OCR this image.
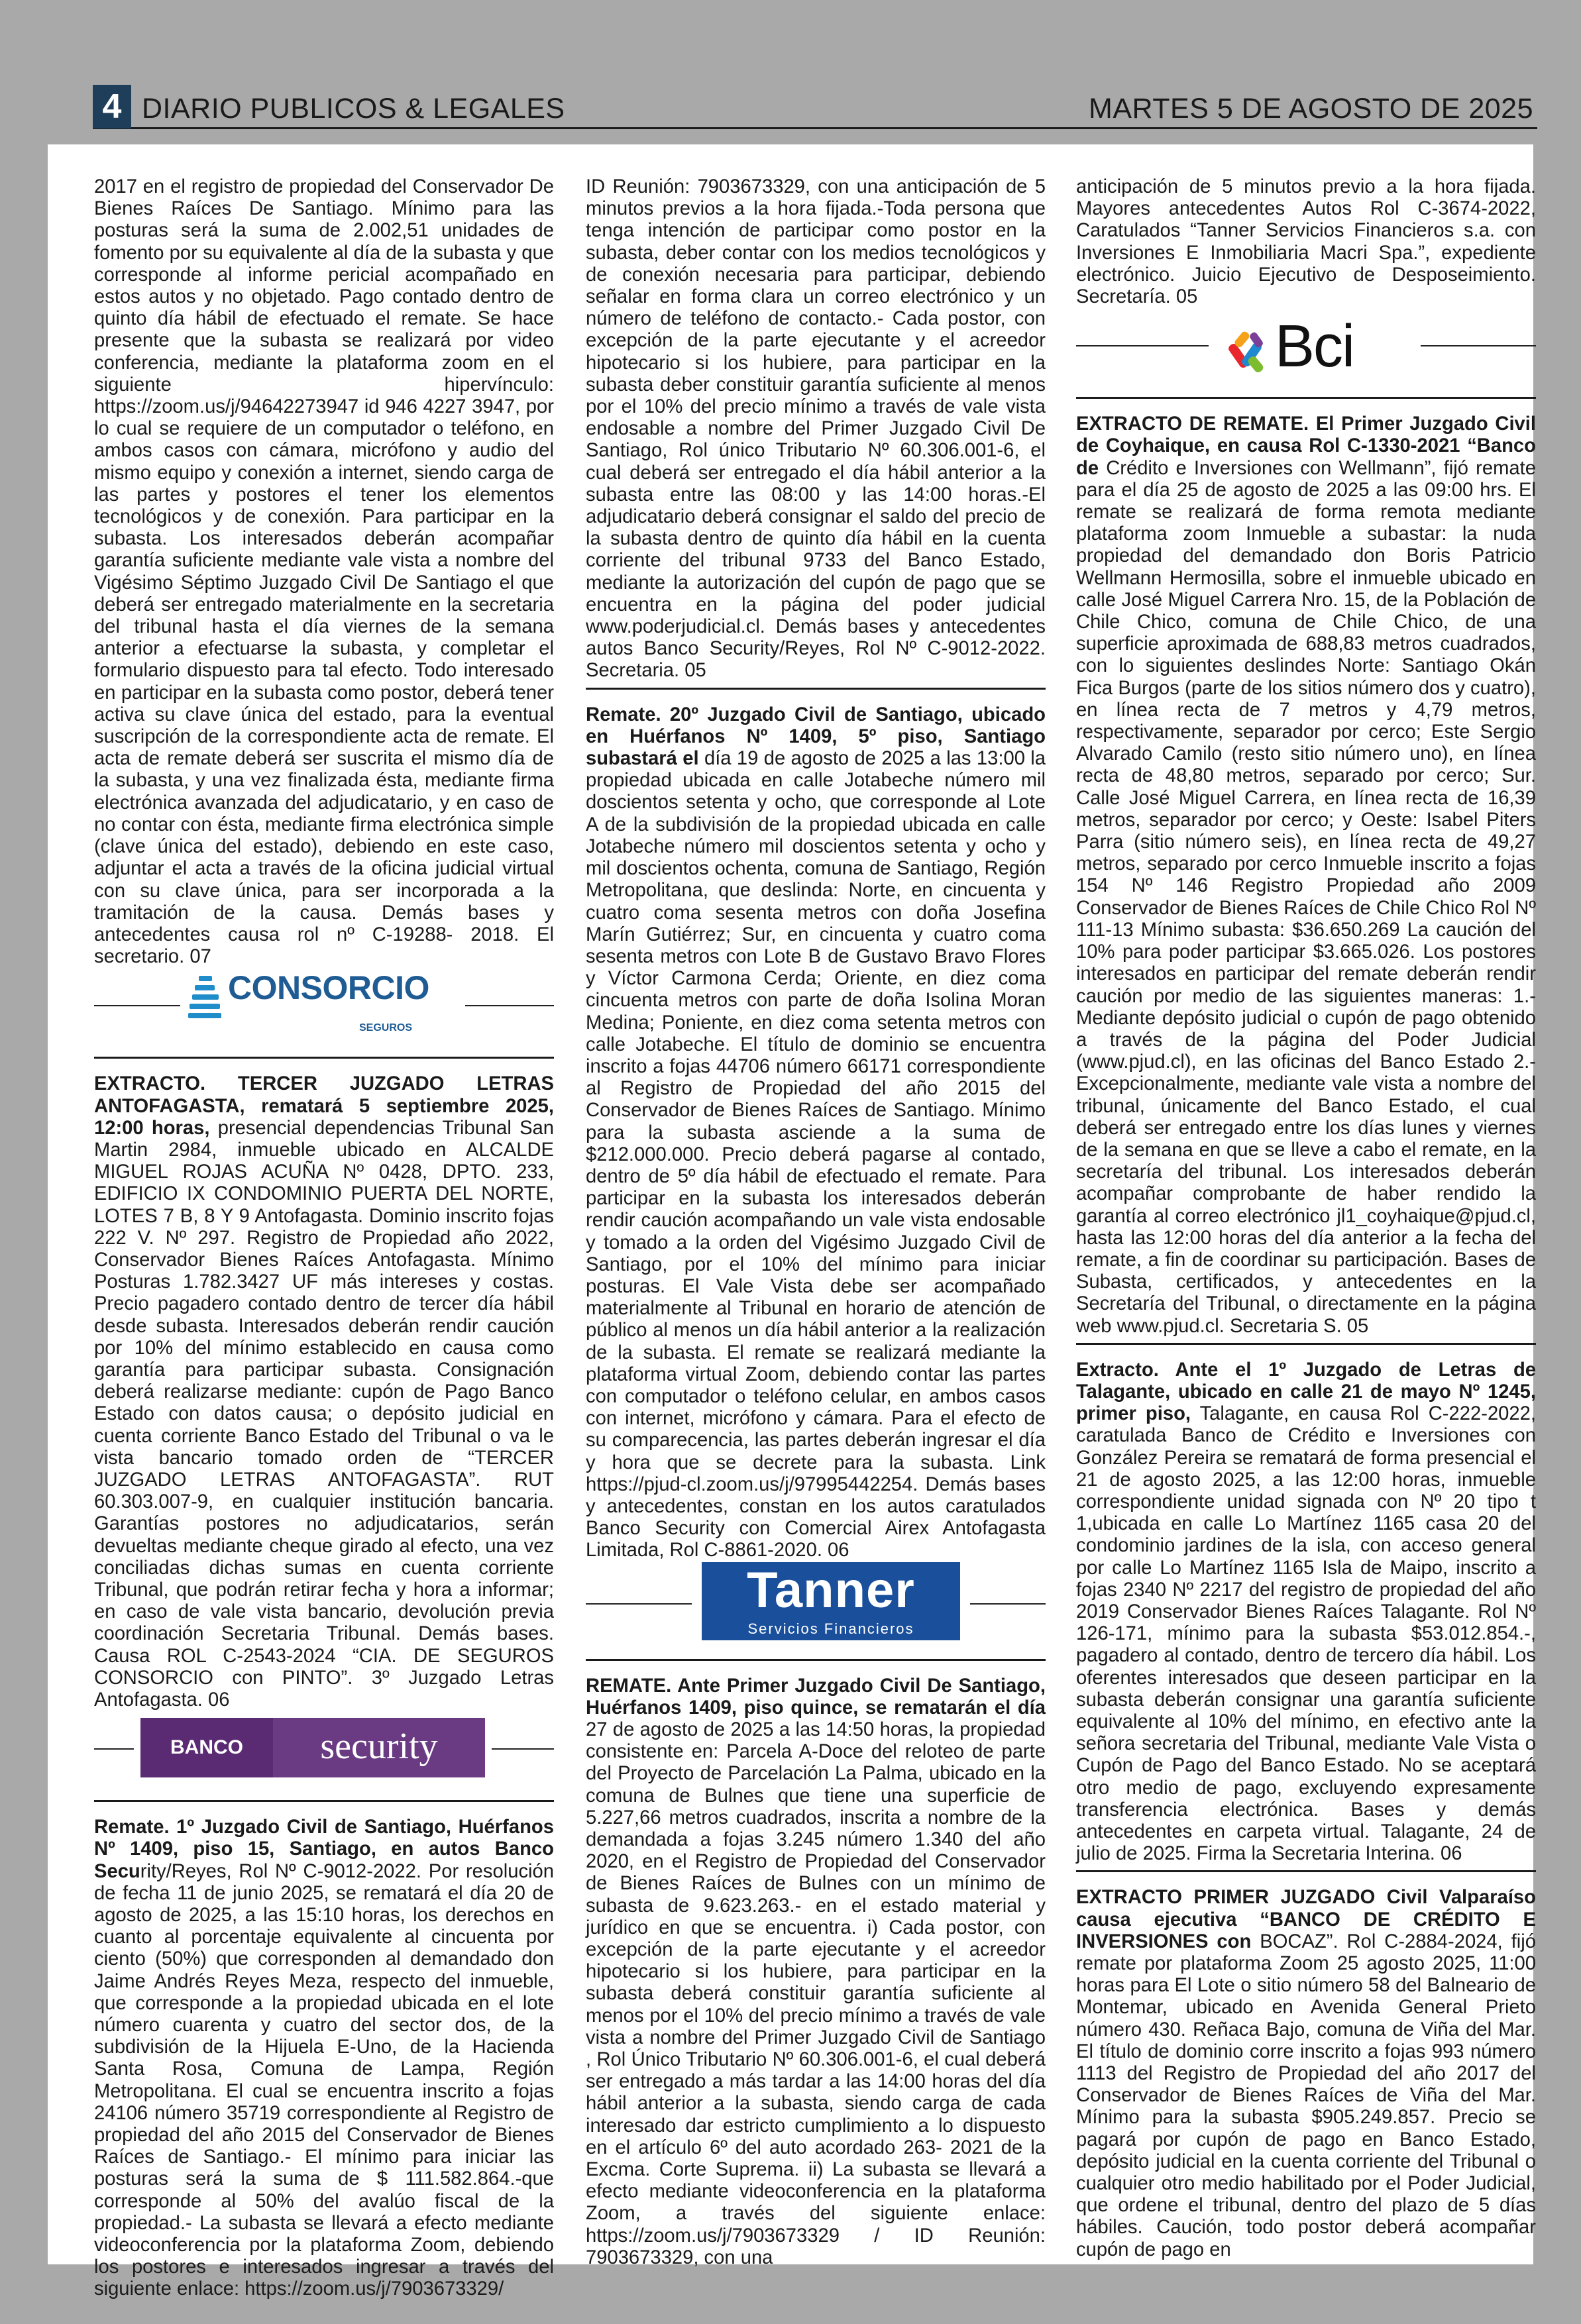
4 DIARIO PUBLICOS & LEGALES	MARTES 5 DE AGOSTO DE 2025

2017 en el registro de propiedad del Conservador De Bienes Raíces De Santiago. Mínimo para las posturas será la suma de 2.002,51 unidades de fomento por su equivalente al día de la subasta y que corresponde al informe pericial acompañado en estos autos y no objetado. Pago contado dentro de quinto día hábil de efectuado el remate. Se hace presente que la subasta se realizará por video conferencia, mediante la plataforma zoom en el siguiente hipervínculo: https://zoom.us/j/94642273947 id 946 4227 3947, por lo cual se requiere de un computador o teléfono, en ambos casos con cámara, micrófono y audio del mismo equipo y conexión a internet, siendo carga de las partes y postores el tener los elementos tecnológicos y de conexión. Para participar en la subasta. Los interesados deberán acompañar garantía suficiente mediante vale vista a nombre del Vigésimo Séptimo Juzgado Civil De Santiago el que deberá ser entregado materialmente en la secretaria del tribunal hasta el día viernes de la semana anterior a efectuarse la subasta, y completar el formulario dispuesto para tal efecto. Todo interesado en participar en la subasta como postor, deberá tener activa su clave única del estado, para la eventual suscripción de la correspondiente acta de remate. El acta de remate deberá ser suscrita el mismo día de la subasta, y una vez finalizada ésta, mediante firma electrónica avanzada del adjudicatario, y en caso de no contar con ésta, mediante firma electrónica simple (clave única del estado), debiendo en este caso, adjuntar el acta a través de la oficina judicial virtual con su clave única, para ser incorporada a la tramitación de la causa. Demás bases y antecedentes causa rol nº C-19288- 2018. El secretario. 07

CONSORCIO
SEGUROS

EXTRACTO. TERCER JUZGADO LETRAS ANTOFAGASTA, rematará 5 septiembre 2025, 12:00 horas, presencial dependencias Tribunal San Martin 2984, inmueble ubicado en ALCALDE MIGUEL ROJAS ACUÑA Nº 0428, DPTO. 233, EDIFICIO IX CONDOMINIO PUERTA DEL NORTE, LOTES 7 B, 8 Y 9 Antofagasta. Dominio inscrito fojas 222 V. Nº 297. Registro de Propiedad año 2022, Conservador Bienes Raíces Antofagasta. Mínimo Posturas 1.782.3427 UF más intereses y costas. Precio pagadero contado dentro de tercer día hábil desde subasta. Interesados deberán rendir caución por 10% del mínimo establecido en causa como garantía para participar subasta. Consignación deberá realizarse mediante: cupón de Pago Banco Estado con datos causa; o depósito judicial en cuenta corriente Banco Estado del Tribunal o va le vista bancario tomado orden de “TERCER JUZGADO LETRAS ANTOFAGASTA”. RUT 60.303.007-9, en cualquier institución bancaria. Garantías postores no adjudicatarios, serán devueltas mediante cheque girado al efecto, una vez conciliadas dichas sumas en cuenta corriente Tribunal, que podrán retirar fecha y hora a informar; en caso de vale vista bancario, devolución previa coordinación Secretaria Tribunal. Demás bases. Causa ROL C-2543-2024 “CIA. DE SEGUROS CONSORCIO con PINTO”. 3º Juzgado Letras Antofagasta. 06

BANCO	security

Remate. 1º Juzgado Civil de Santiago, Huérfanos Nº 1409, piso 15, Santiago, en autos Banco Security/Reyes, Rol Nº C-9012-2022. Por resolución de fecha 11 de junio 2025, se rematará el día 20 de agosto de 2025, a las 15:10 horas, los derechos en cuanto al porcentaje equivalente al cincuenta por ciento (50%) que corresponden al demandado don Jaime Andrés Reyes Meza, respecto del inmueble, que corresponde a la propiedad ubicada en el lote número cuarenta y cuatro del sector dos, de la subdivisión de la Hijuela E-Uno, de la Hacienda Santa Rosa, Comuna de Lampa, Región Metropolitana. El cual se encuentra inscrito a fojas 24106 número 35719 correspondiente al Registro de propiedad del año 2015 del Conservador de Bienes Raíces de Santiago.- El mínimo para iniciar las posturas será la suma de $ 111.582.864.-que corresponde al 50% del avalúo fiscal de la propiedad.- La subasta se llevará a efecto mediante videoconferencia por la plataforma Zoom, debiendo los postores e interesados ingresar a través del siguiente enlace: https://zoom.us/j/7903673329/

ID Reunión: 7903673329, con una anticipación de 5 minutos previos a la hora fijada.-Toda persona que tenga intención de participar como postor en la subasta, deber contar con los medios tecnológicos y de conexión necesaria para participar, debiendo señalar en forma clara un correo electrónico y un número de teléfono de contacto.- Cada postor, con excepción de la parte ejecutante y el acreedor hipotecario si los hubiere, para participar en la subasta deber constituir garantía suficiente al menos por el 10% del precio mínimo a través de vale vista endosable a nombre del Primer Juzgado Civil De Santiago, Rol único Tributario Nº 60.306.001-6, el cual deberá ser entregado el día hábil anterior a la subasta entre las 08:00 y las 14:00 horas.-El adjudicatario deberá consignar el saldo del precio de la subasta dentro de quinto día hábil en la cuenta corriente del tribunal 9733 del Banco Estado, mediante la autorización del cupón de pago que se encuentra en la página del poder judicial www.poderjudicial.cl. Demás bases y antecedentes autos Banco Security/Reyes, Rol Nº C-9012-2022. Secretaria. 05

Remate. 20º Juzgado Civil de Santiago, ubicado en Huérfanos Nº 1409, 5º piso, Santiago subastará el día 19 de agosto de 2025 a las 13:00 la propiedad ubicada en calle Jotabeche número mil doscientos setenta y ocho, que corresponde al Lote A de la subdivisión de la propiedad ubicada en calle Jotabeche número mil doscientos setenta y ocho y mil doscientos ochenta, comuna de Santiago, Región Metropolitana, que deslinda: Norte, en cincuenta y cuatro coma sesenta metros con doña Josefina Marín Gutiérrez; Sur, en cincuenta y cuatro coma sesenta metros con Lote B de Gustavo Bravo Flores y Víctor Carmona Cerda; Oriente, en diez coma cincuenta metros con parte de doña Isolina Moran Medina; Poniente, en diez coma setenta metros con calle Jotabeche. El título de dominio se encuentra inscrito a fojas 44706 número 66171 correspondiente al Registro de Propiedad del año 2015 del Conservador de Bienes Raíces de Santiago. Mínimo para la subasta asciende a la suma de $212.000.000. Precio deberá pagarse al contado, dentro de 5º día hábil de efectuado el remate. Para participar en la subasta los interesados deberán rendir caución acompañando un vale vista endosable y tomado a la orden del Vigésimo Juzgado Civil de Santiago, por el 10% del mínimo para iniciar posturas. El Vale Vista debe ser acompañado materialmente al Tribunal en horario de atención de público al menos un día hábil anterior a la realización de la subasta. El remate se realizará mediante la plataforma virtual Zoom, debiendo contar las partes con computador o teléfono celular, en ambos casos con internet, micrófono y cámara. Para el efecto de su comparecencia, las partes deberán ingresar el día y hora que se decrete para la subasta. Link https://pjud-cl.zoom.us/j/97995442254. Demás bases y antecedentes, constan en los autos caratulados Banco Security con Comercial Airex Antofagasta Limitada, Rol C-8861-2020. 06

Tanner
Servicios Financieros

REMATE. Ante Primer Juzgado Civil De Santiago, Huérfanos 1409, piso quince, se rematarán el día 27 de agosto de 2025 a las 14:50 horas, la propiedad consistente en: Parcela A-Doce del reloteo de parte del Proyecto de Parcelación La Palma, ubicado en la comuna de Bulnes que tiene una superficie de 5.227,66 metros cuadrados, inscrita a nombre de la demandada a fojas 3.245 número 1.340 del año 2020, en el Registro de Propiedad del Conservador de Bienes Raíces de Bulnes con un mínimo de subasta de 9.623.263.- en el estado material y jurídico en que se encuentra. i) Cada postor, con excepción de la parte ejecutante y el acreedor hipotecario si los hubiere, para participar en la subasta deberá constituir garantía suficiente al menos por el 10% del precio mínimo a través de vale vista a nombre del Primer Juzgado Civil de Santiago , Rol Único Tributario Nº 60.306.001-6, el cual deberá ser entregado a más tardar a las 14:00 horas del día hábil anterior a la subasta, siendo carga de cada interesado dar estricto cumplimiento a lo dispuesto en el artículo 6º del auto acordado 263- 2021 de la Excma. Corte Suprema. ii) La subasta se llevará a efecto mediante videoconferencia en la plataforma Zoom, a través del siguiente enlace: https://zoom.us/j/7903673329 / ID Reunión: 7903673329, con una

anticipación de 5 minutos previo a la hora fijada. Mayores antecedentes Autos Rol C-3674-2022, Caratulados “Tanner Servicios Financieros s.a. con Inversiones E Inmobiliaria Macri Spa.”, expediente electrónico. Juicio Ejecutivo de Desposeimiento. Secretaría. 05

Bci

EXTRACTO DE REMATE. El Primer Juzgado Civil de Coyhaique, en causa Rol C-1330-2021 “Banco de Crédito e Inversiones con Wellmann”, fijó remate para el día 25 de agosto de 2025 a las 09:00 hrs. El remate se realizará de forma remota mediante plataforma zoom Inmueble a subastar: la nuda propiedad del demandado don Boris Patricio Wellmann Hermosilla, sobre el inmueble ubicado en calle José Miguel Carrera Nro. 15, de la Población de Chile Chico, comuna de Chile Chico, de una superficie aproximada de 688,83 metros cuadrados, con lo siguientes deslindes Norte: Santiago Okán Fica Burgos (parte de los sitios número dos y cuatro), en línea recta de 7 metros y 4,79 metros, respectivamente, separador por cerco; Este Sergio Alvarado Camilo (resto sitio número uno), en línea recta de 48,80 metros, separado por cerco; Sur. Calle José Miguel Carrera, en línea recta de 16,39 metros, separador por cerco; y Oeste: Isabel Piters Parra (sitio número seis), en línea recta de 49,27 metros, separado por cerco Inmueble inscrito a fojas 154 Nº 146 Registro Propiedad año 2009 Conservador de Bienes Raíces de Chile Chico Rol Nº 111-13 Mínimo subasta: $36.650.269 La caución del 10% para poder participar $3.665.026. Los postores interesados en participar del remate deberán rendir caución por medio de las siguientes maneras: 1.- Mediante depósito judicial o cupón de pago obtenido a través de la página del Poder Judicial (www.pjud.cl), en las oficinas del Banco Estado 2.- Excepcionalmente, mediante vale vista a nombre del tribunal, únicamente del Banco Estado, el cual deberá ser entregado entre los días lunes y viernes de la semana en que se lleve a cabo el remate, en la secretaría del tribunal. Los interesados deberán acompañar comprobante de haber rendido la garantía al correo electrónico jl1_coyhaique@pjud.cl, hasta las 12:00 horas del día anterior a la fecha del remate, a fin de coordinar su participación. Bases de Subasta, certificados, y antecedentes en la Secretaría del Tribunal, o directamente en la página web www.pjud.cl. Secretaria S. 05

Extracto. Ante el 1º Juzgado de Letras de Talagante, ubicado en calle 21 de mayo Nº 1245, primer piso, Talagante, en causa Rol C-222-2022, caratulada Banco de Crédito e Inversiones con González Pereira se rematará de forma presencial el 21 de agosto 2025, a las 12:00 horas, inmueble correspondiente unidad signada con Nº 20 tipo t 1,ubicada en calle Lo Martínez 1165 casa 20 del condominio jardines de la isla, con acceso general por calle Lo Martínez 1165 Isla de Maipo, inscrito a fojas 2340 Nº 2217 del registro de propiedad del año 2019 Conservador Bienes Raíces Talagante. Rol Nº 126-171, mínimo para la subasta $53.012.854.-, pagadero al contado, dentro de tercero día hábil. Los oferentes interesados que deseen participar en la subasta deberán consignar una garantía suficiente equivalente al 10% del mínimo, en efectivo ante la señora secretaria del Tribunal, mediante Vale Vista o Cupón de Pago del Banco Estado. No se aceptará otro medio de pago, excluyendo expresamente transferencia electrónica. Bases y demás antecedentes en carpeta virtual. Talagante, 24 de julio de 2025. Firma la Secretaria Interina. 06

EXTRACTO PRIMER JUZGADO Civil Valparaíso causa ejecutiva “BANCO DE CRÉDITO E INVERSIONES con BOCAZ”. Rol C-2884-2024, fijó remate por plataforma Zoom 25 agosto 2025, 11:00 horas para El Lote o sitio número 58 del Balneario de Montemar, ubicado en Avenida General Prieto número 430. Reñaca Bajo, comuna de Viña del Mar. El título de dominio corre inscrito a fojas 993 número 1113 del Registro de Propiedad del año 2017 del Conservador de Bienes Raíces de Viña del Mar. Mínimo para la subasta $905.249.857. Precio se pagará por cupón de pago en Banco Estado, depósito judicial en la cuenta corriente del Tribunal o cualquier otro medio habilitado por el Poder Judicial, que ordene el tribunal, dentro del plazo de 5 días hábiles. Caución, todo postor deberá acompañar cupón de pago en
